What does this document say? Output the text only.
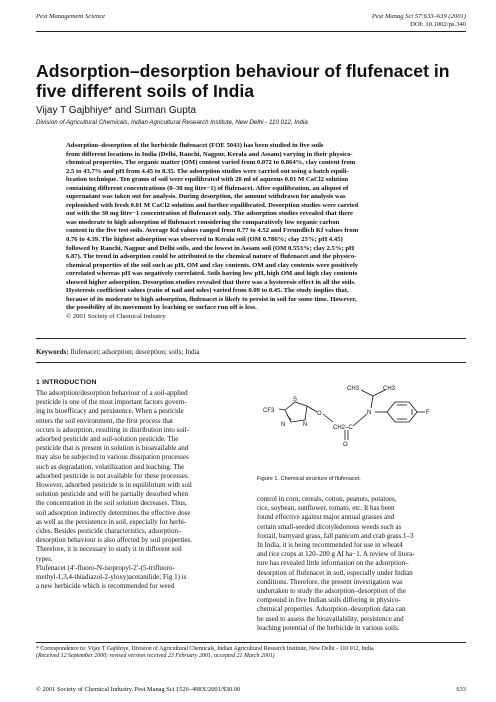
Pest Management Science	Pest Manag Sci 57:633–639 (2001)
DOI: 10.1002/ps.340
Adsorption–desorption behaviour of flufenacet in five different soils of India
Vijay T Gajbhiye* and Suman Gupta
Division of Agricultural Chemicals, Indian Agricultural Research Institute, New Delhi - 110 012, India
Adsorption–desorption of the herbicide flufenacet (FOE 5043) has been studied in five soils
from different locations in India (Delhi, Ranchi, Nagpur, Kerala and Assam) varying in their physico-
chemical properties. The organic matter (OM) content varied from 0.072 to 0.864%, clay content from
2.5 to 43.7% and pH from 4.45 to 8.35. The adsorption studies were carried out using a batch equili-
bration technique. Ten grams of soil were equilibrated with 20 ml of aqueous 0.01 M CaCl2 solution
containing different concentrations (0–30 mg litre−1) of flufenacet. After equilibration, an aliquot of
supernatant was taken out for analysis. During desorption, the amount withdrawn for analysis was
replenished with fresh 0.01 M CaCl2 solution and further equilibrated. Desorption studies were carried
out with the 30 mg litre−1 concentration of flufenacet only. The adsorption studies revealed that there
was moderate to high adsorption of flufenacet considering the comparatively low organic carbon
content in the five test soils. Average Kd values ranged from 0.77 to 4.52 and Freundlich Kf values from
0.76 to 4.39. The highest adsorption was observed in Kerala soil (OM 0.786%; clay 25%; pH 4.45)
followed by Ranchi, Nagpur and Delhi soils, and the lowest in Assam soil (OM 0.553%; clay 2.5%; pH
6.87). The trend in adsorption could be attributed to the chemical nature of flufenacet and the physico-
chemical properties of the soil such as pH, OM and clay contents. OM and clay contents were positively
correlated whereas pH was negatively correlated. Soils having low pH, high OM and high clay contents
showed higher adsorption. Desorption studies revealed that there was a hysteresis effect in all the soils.
Hysteresis coefficient values (ratio of nad and ndes) varied from 0.09 to 0.45. The study implies that,
because of its moderate to high adsorption, flufenacet is likely to persist in soil for some time. However,
the possibility of its movement by leaching or surface run off is less.
© 2001 Society of Chemical Industry
Keywords: flufenacet; adsorption; desorption; soils; India
1 INTRODUCTION
The adsorption/desorption behaviour of a soil-applied
pesticide is one of the most important factors govern-
ing its bioefficacy and persistence. When a pesticide
enters the soil environment, the first process that
occurs is adsorption, resulting in distribution into soil-
adsorbed pesticide and soil-solution pesticide. The
pesticide that is present in solution is bioavailable and
may also be subjected to various dissipation processes
such as degradation, volatilization and leaching. The
adsorbed pesticide is not available for these processes.
However, adsorbed pesticide is in equilibrium with soil
solution pesticide and will be partially desorbed when
the concentration in the soil solution decreases. Thus,
soil adsorption indirectly determines the effective dose
as well as the persistence in soil, especially for herbi-
cides. Besides pesticide characteristics, adsorption–
desorption behaviour is also affected by soil properties.
Therefore, it is necessary to study it in different soil
types.
Flufenacet (4′-fluoro-N-isopropyl-2′-(5-trifluoro-
methyl-1,3,4-thiadiazol-2-yloxy)acetanilide; Fig 1) is
a new herbicide which is recommended for weed
CF3
S
N	N
O
O
CH2–C
CH3	CH3
N	F
Figure 1. Chemical structure of flufenacet.
control in corn, cereals, cotton, peanuts, potatoes,
rice, soybean, sunflower, tomato, etc. It has been
found effective against major annual grasses and
certain small-seeded dicotyledonous weeds such as
foxtail, barnyard grass, fall panicum and crab grass.1–3
In India, it is being recommended for use in wheat4
and rice crops at 120–200 g AI ha−1. A review of litera-
ture has revealed little information on the adsorption–
desorption of flufenacet in soil, especially under Indian
conditions. Therefore, the present investigation was
undertaken to study the adsorption–desorption of the
compound in five Indian soils differing in physico-
chemical properties. Adsorption–desorption data can
be used to assess the bioavailability, persistence and
leaching potential of the herbicide in various soils.
* Correspondence to: Vijay T Gajbhiye, Division of Agricultural Chemicals, Indian Agricultural Research Institute, New Delhi - 110 012, India
(Received 12 September 2000; revised version received 23 February 2001; accepted 21 March 2001)
© 2001 Society of Chemical Industry. Pest Manag Sci 1526–498X/2001/$30.00	633
